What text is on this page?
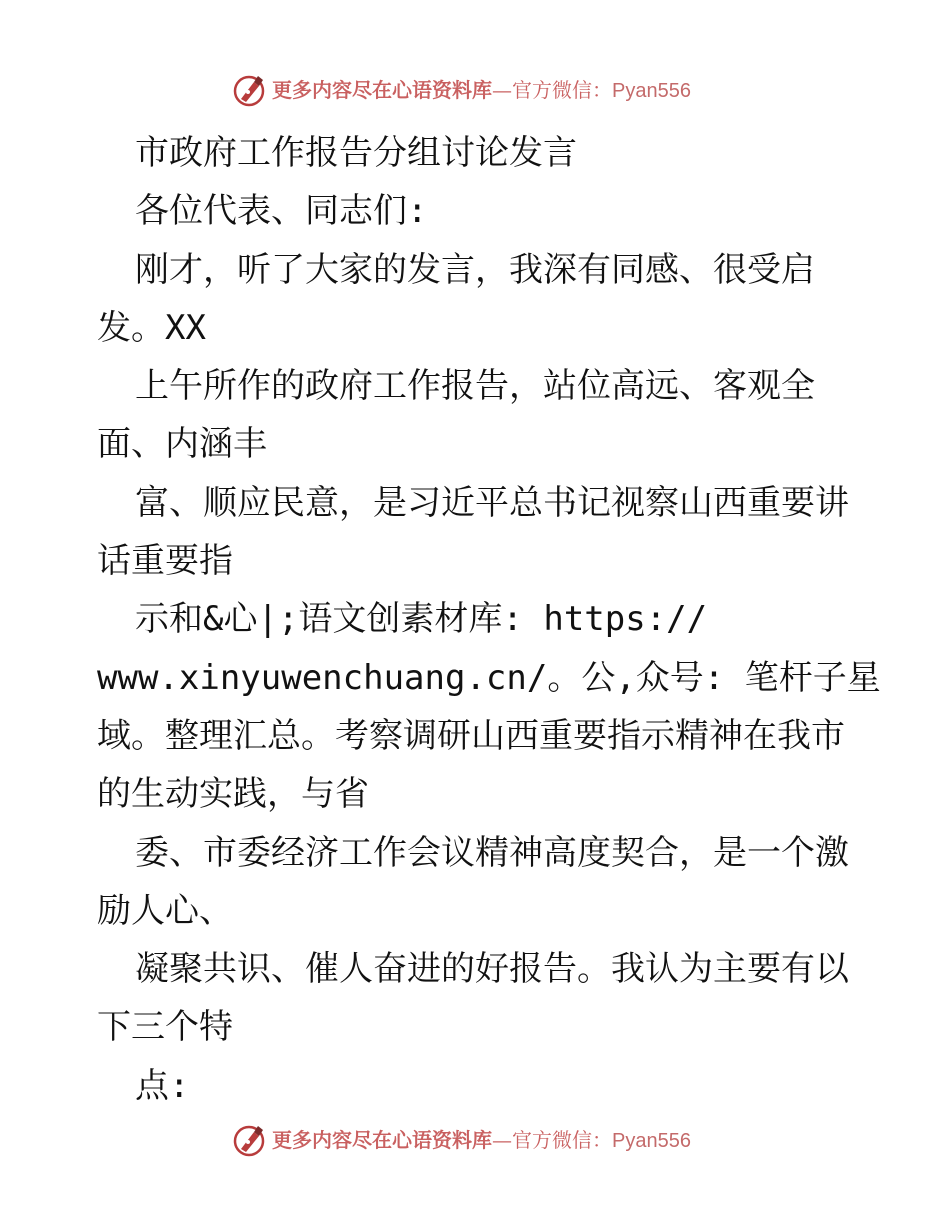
更多内容尽在心语资料库—官方微信：Pyan556
市政府工作报告分组讨论发言
各位代表、同志们:
刚才，听了大家的发言，我深有同感、很受启
发。XX
上午所作的政府工作报告，站位高远、客观全
面、内涵丰
富、顺应民意，是习近平总书记视察山西重要讲
话重要指
示和&心|;语文创素材库: https://
www.xinyuwenchuang.cn/。公,众号: 笔杆子星
域。整理汇总。考察调研山西重要指示精神在我市
的生动实践，与省
委、市委经济工作会议精神高度契合，是一个激
励人心、
凝聚共识、催人奋进的好报告。我认为主要有以
下三个特
点:
更多内容尽在心语资料库—官方微信：Pyan556
